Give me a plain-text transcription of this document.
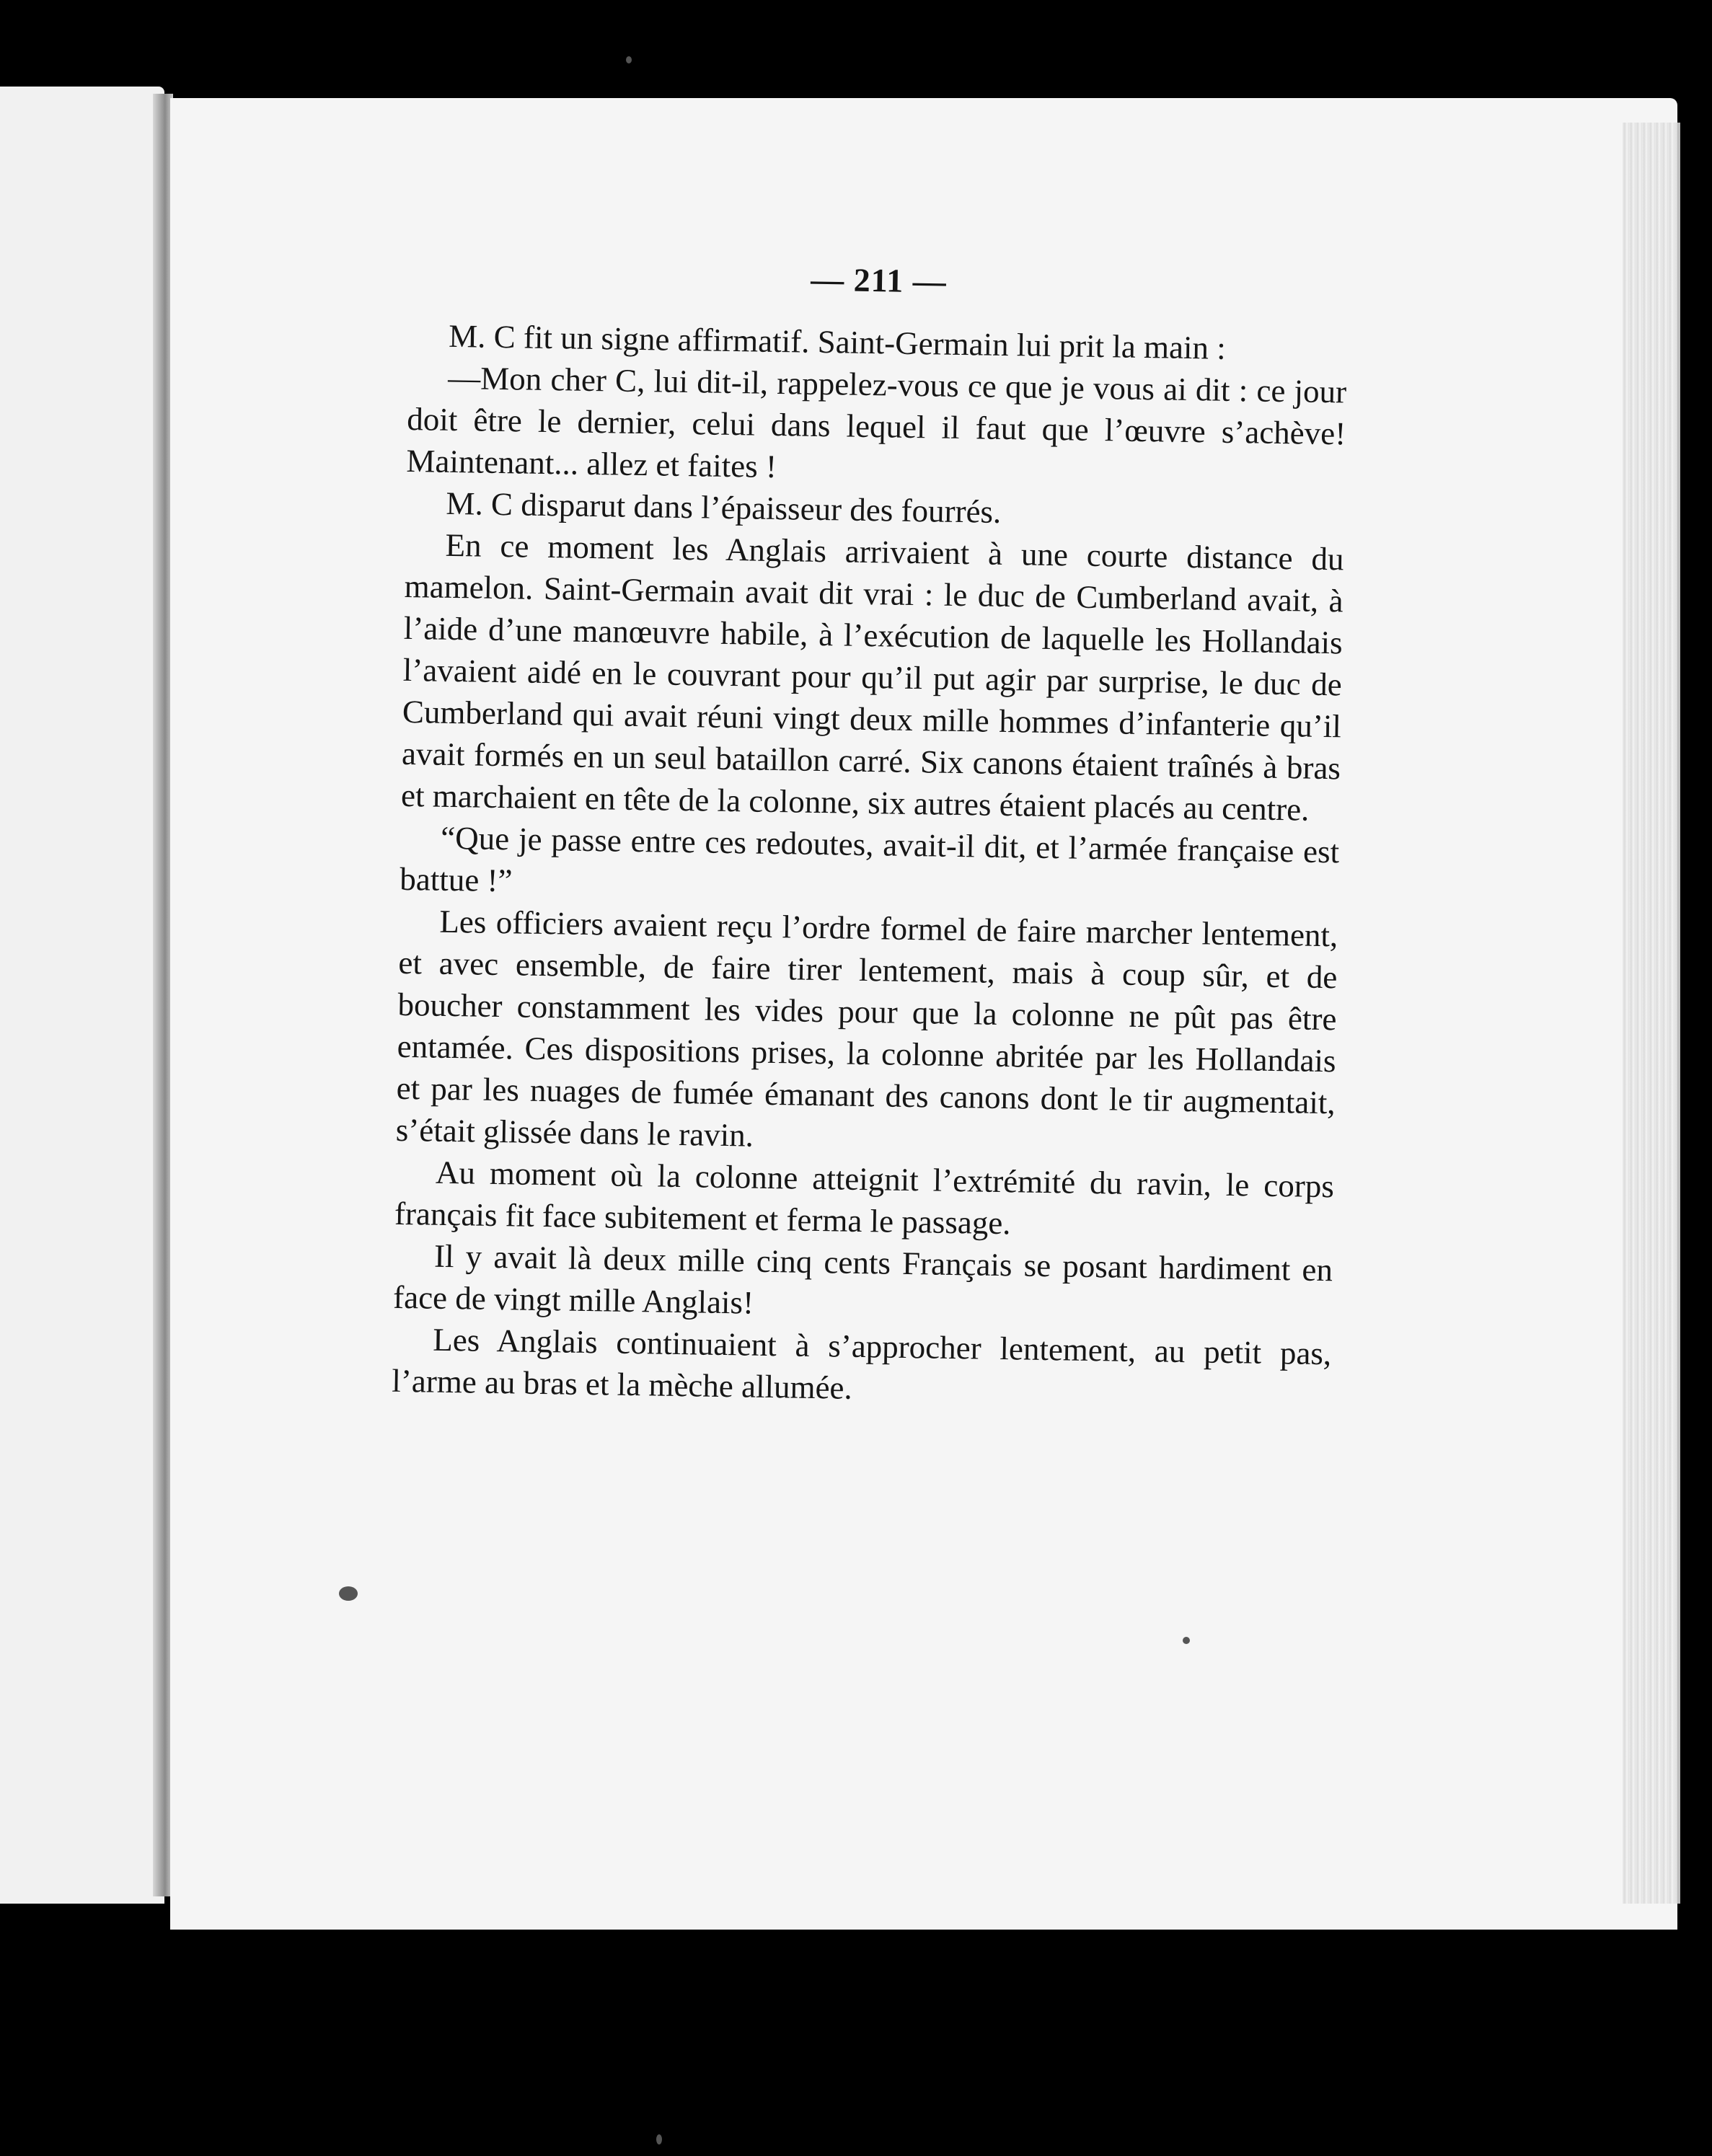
— 211 —

M. C fit un signe affirmatif. Saint-Germain lui prit la main :

—Mon cher C, lui dit-il, rappelez-vous ce que je vous ai dit : ce jour doit être le dernier, celui dans lequel il faut que l’œuvre s’achève! Maintenant... allez et faites !

M. C disparut dans l’épaisseur des fourrés.

En ce moment les Anglais arrivaient à une courte distance du mamelon. Saint-Germain avait dit vrai : le duc de Cumberland avait, à l’aide d’une manœuvre habile, à l’exécution de laquelle les Hollandais l’avaient aidé en le couvrant pour qu’il put agir par surprise, le duc de Cumberland qui avait réuni vingt deux mille hommes d’infanterie qu’il avait formés en un seul bataillon carré. Six canons étaient traînés à bras et marchaient en tête de la colonne, six autres étaient placés au centre.

“Que je passe entre ces redoutes, avait-il dit, et l’armée française est battue !”

Les officiers avaient reçu l’ordre formel de faire marcher lentement, et avec ensemble, de faire tirer lentement, mais à coup sûr, et de boucher constamment les vides pour que la colonne ne pût pas être entamée. Ces dispositions prises, la colonne abritée par les Hollandais et par les nuages de fumée émanant des canons dont le tir augmentait, s’était glissée dans le ravin.

Au moment où la colonne atteignit l’extrémité du ravin, le corps français fit face subitement et ferma le passage.

Il y avait là deux mille cinq cents Français se posant hardiment en face de vingt mille Anglais!

Les Anglais continuaient à s’approcher lentement, au petit pas, l’arme au bras et la mèche allumée.
